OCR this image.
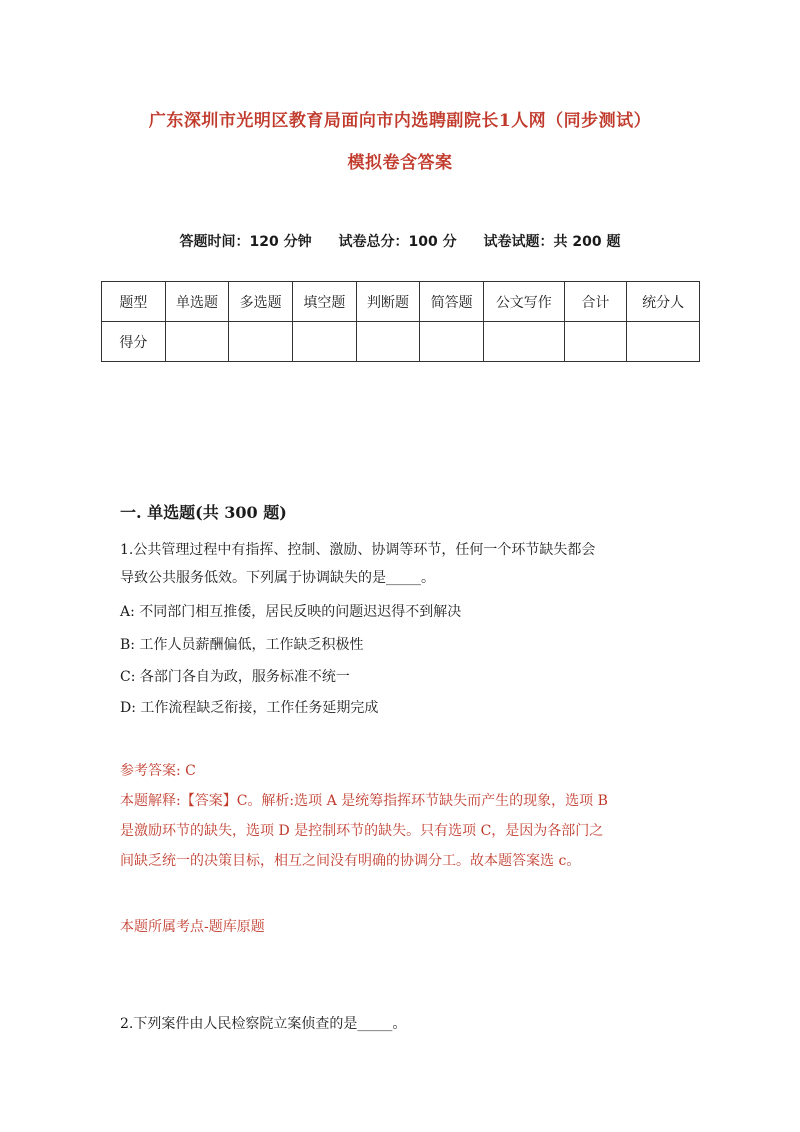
广东深圳市光明区教育局面向市内选聘副院长1人网（同步测试）
模拟卷含答案
答题时间：120 分钟 试卷总分：100 分 试卷试题：共 200 题
题型	单选题	多选题	填空题	判断题	简答题	公文写作	合计	统分人
得分								
一. 单选题(共 300 题)
1.公共管理过程中有指挥、控制、激励、协调等环节，任何一个环节缺失都会
导致公共服务低效。下列属于协调缺失的是_____。
A: 不同部门相互推倭，居民反映的问题迟迟得不到解决
B: 工作人员薪酬偏低，工作缺乏积极性
C: 各部门各自为政，服务标准不统一
D: 工作流程缺乏衔接，工作任务延期完成
参考答案: C
本题解释:【答案】C。解析:选项 A 是统筹指挥环节缺失而产生的现象，选项 B
是激励环节的缺失，选项 D 是控制环节的缺失。只有选项 C，是因为各部门之
间缺乏统一的决策目标，相互之间没有明确的协调分工。故本题答案选 c。
本题所属考点-题库原题
2.下列案件由人民检察院立案侦查的是_____。
